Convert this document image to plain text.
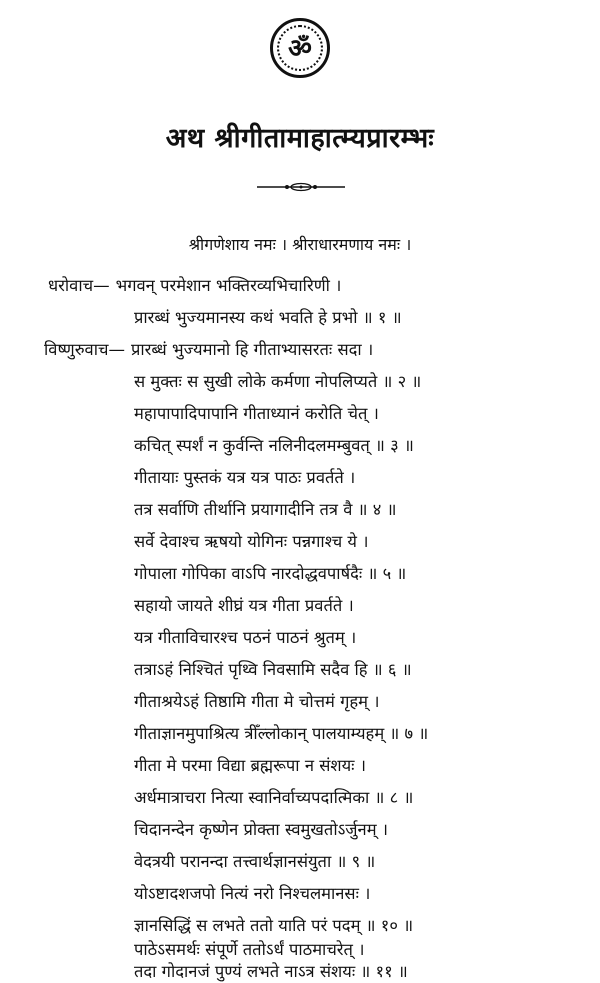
ॐ
अथ श्रीगीतामाहात्म्यप्रारम्भः
श्रीगणेशाय नमः । श्रीराधारमणाय नमः ।
धरोवाच— भगवन् परमेशान भक्तिरव्यभिचारिणी ।
प्रारब्धं भुज्यमानस्य कथं भवति हे प्रभो ॥ १ ॥
विष्णुरुवाच— प्रारब्धं भुज्यमानो हि गीताभ्यासरतः सदा ।
स मुक्तः स सुखी लोके कर्मणा नोपलिप्यते ॥ २ ॥
महापापादिपापानि गीताध्यानं करोति चेत् ।
कचित् स्पर्शं न कुर्वन्ति नलिनीदलमम्बुवत् ॥ ३ ॥
गीतायाः पुस्तकं यत्र यत्र पाठः प्रवर्तते ।
तत्र सर्वाणि तीर्थानि प्रयागादीनि तत्र वै ॥ ४ ॥
सर्वे देवाश्च ऋषयो योगिनः पन्नगाश्च ये ।
गोपाला गोपिका वाऽपि नारदोद्धवपार्षदैः ॥ ५ ॥
सहायो जायते शीघ्रं यत्र गीता प्रवर्तते ।
यत्र गीताविचारश्च पठनं पाठनं श्रुतम् ।
तत्राऽहं निश्चितं पृथ्वि निवसामि सदैव हि ॥ ६ ॥
गीताश्रयेऽहं तिष्ठामि गीता मे चोत्तमं गृहम् ।
गीताज्ञानमुपाश्रित्य त्रीँल्लोकान् पालयाम्यहम् ॥ ७ ॥
गीता मे परमा विद्या ब्रह्मरूपा न संशयः ।
अर्धमात्राचरा नित्या स्वानिर्वाच्यपदात्मिका ॥ ८ ॥
चिदानन्देन कृष्णेन प्रोक्ता स्वमुखतोऽर्जुनम् ।
वेदत्रयी परानन्दा तत्त्वार्थज्ञानसंयुता ॥ ९ ॥
योऽष्टादशजपो नित्यं नरो निश्चलमानसः ।
ज्ञानसिद्धिं स लभते ततो याति परं पदम् ॥ १० ॥
पाठेऽसमर्थः संपूर्णे ततोऽर्धं पाठमाचरेत् ।
तदा गोदानजं पुण्यं लभते नाऽत्र संशयः ॥ ११ ॥
